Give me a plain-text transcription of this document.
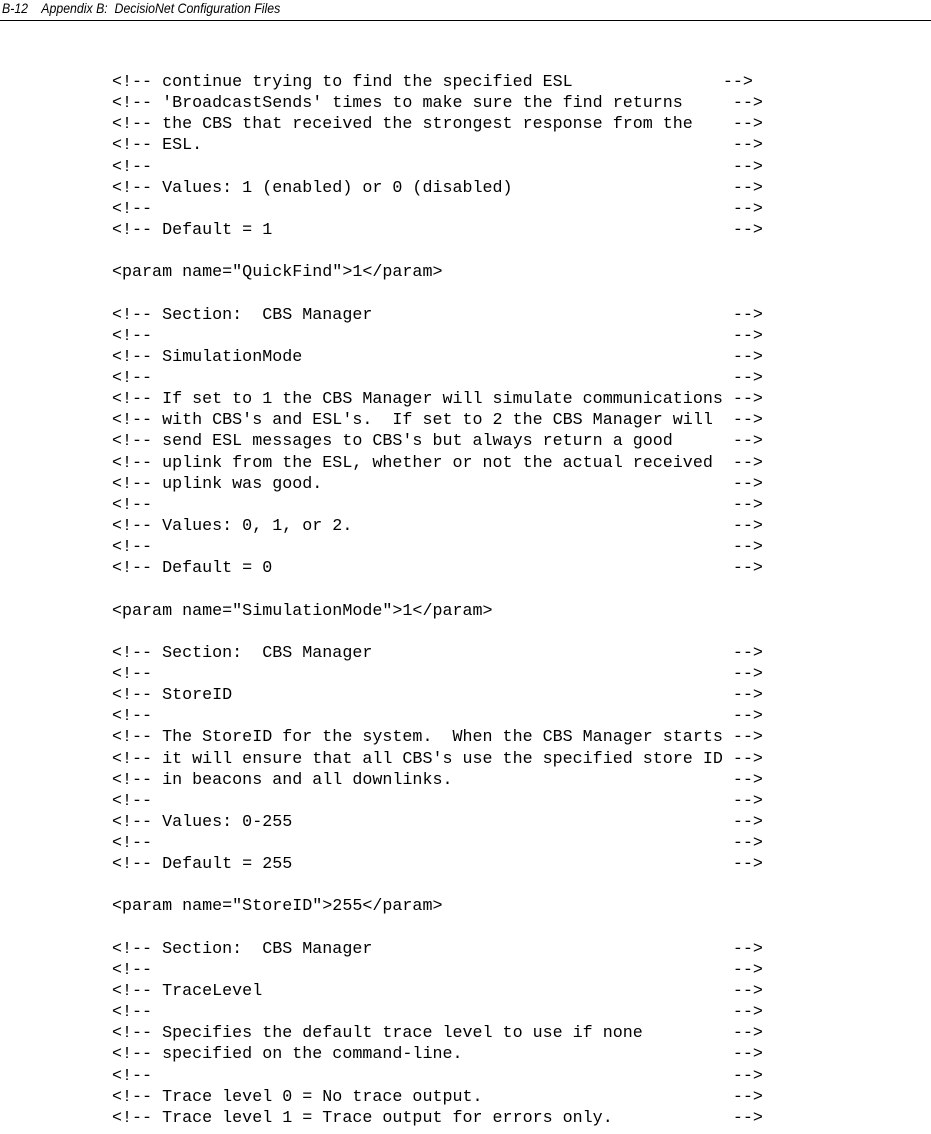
B-12 Appendix B:  DecisioNet Configuration Files
<!-- continue trying to find the specified ESL               -->
<!-- 'BroadcastSends' times to make sure the find returns     -->
<!-- the CBS that received the strongest response from the    -->
<!-- ESL.                                                     -->
<!--                                                          -->
<!-- Values: 1 (enabled) or 0 (disabled)                      -->
<!--                                                          -->
<!-- Default = 1                                              -->
<param name="QuickFind">1</param>
<!-- Section:  CBS Manager                                    -->
<!--                                                          -->
<!-- SimulationMode                                           -->
<!--                                                          -->
<!-- If set to 1 the CBS Manager will simulate communications -->
<!-- with CBS's and ESL's.  If set to 2 the CBS Manager will  -->
<!-- send ESL messages to CBS's but always return a good      -->
<!-- uplink from the ESL, whether or not the actual received  -->
<!-- uplink was good.                                         -->
<!--                                                          -->
<!-- Values: 0, 1, or 2.                                      -->
<!--                                                          -->
<!-- Default = 0                                              -->
<param name="SimulationMode">1</param>
<!-- Section:  CBS Manager                                    -->
<!--                                                          -->
<!-- StoreID                                                  -->
<!--                                                          -->
<!-- The StoreID for the system.  When the CBS Manager starts -->
<!-- it will ensure that all CBS's use the specified store ID -->
<!-- in beacons and all downlinks.                            -->
<!--                                                          -->
<!-- Values: 0-255                                            -->
<!--                                                          -->
<!-- Default = 255                                            -->
<param name="StoreID">255</param>
<!-- Section:  CBS Manager                                    -->
<!--                                                          -->
<!-- TraceLevel                                               -->
<!--                                                          -->
<!-- Specifies the default trace level to use if none         -->
<!-- specified on the command-line.                           -->
<!--                                                          -->
<!-- Trace level 0 = No trace output.                         -->
<!-- Trace level 1 = Trace output for errors only.            -->
